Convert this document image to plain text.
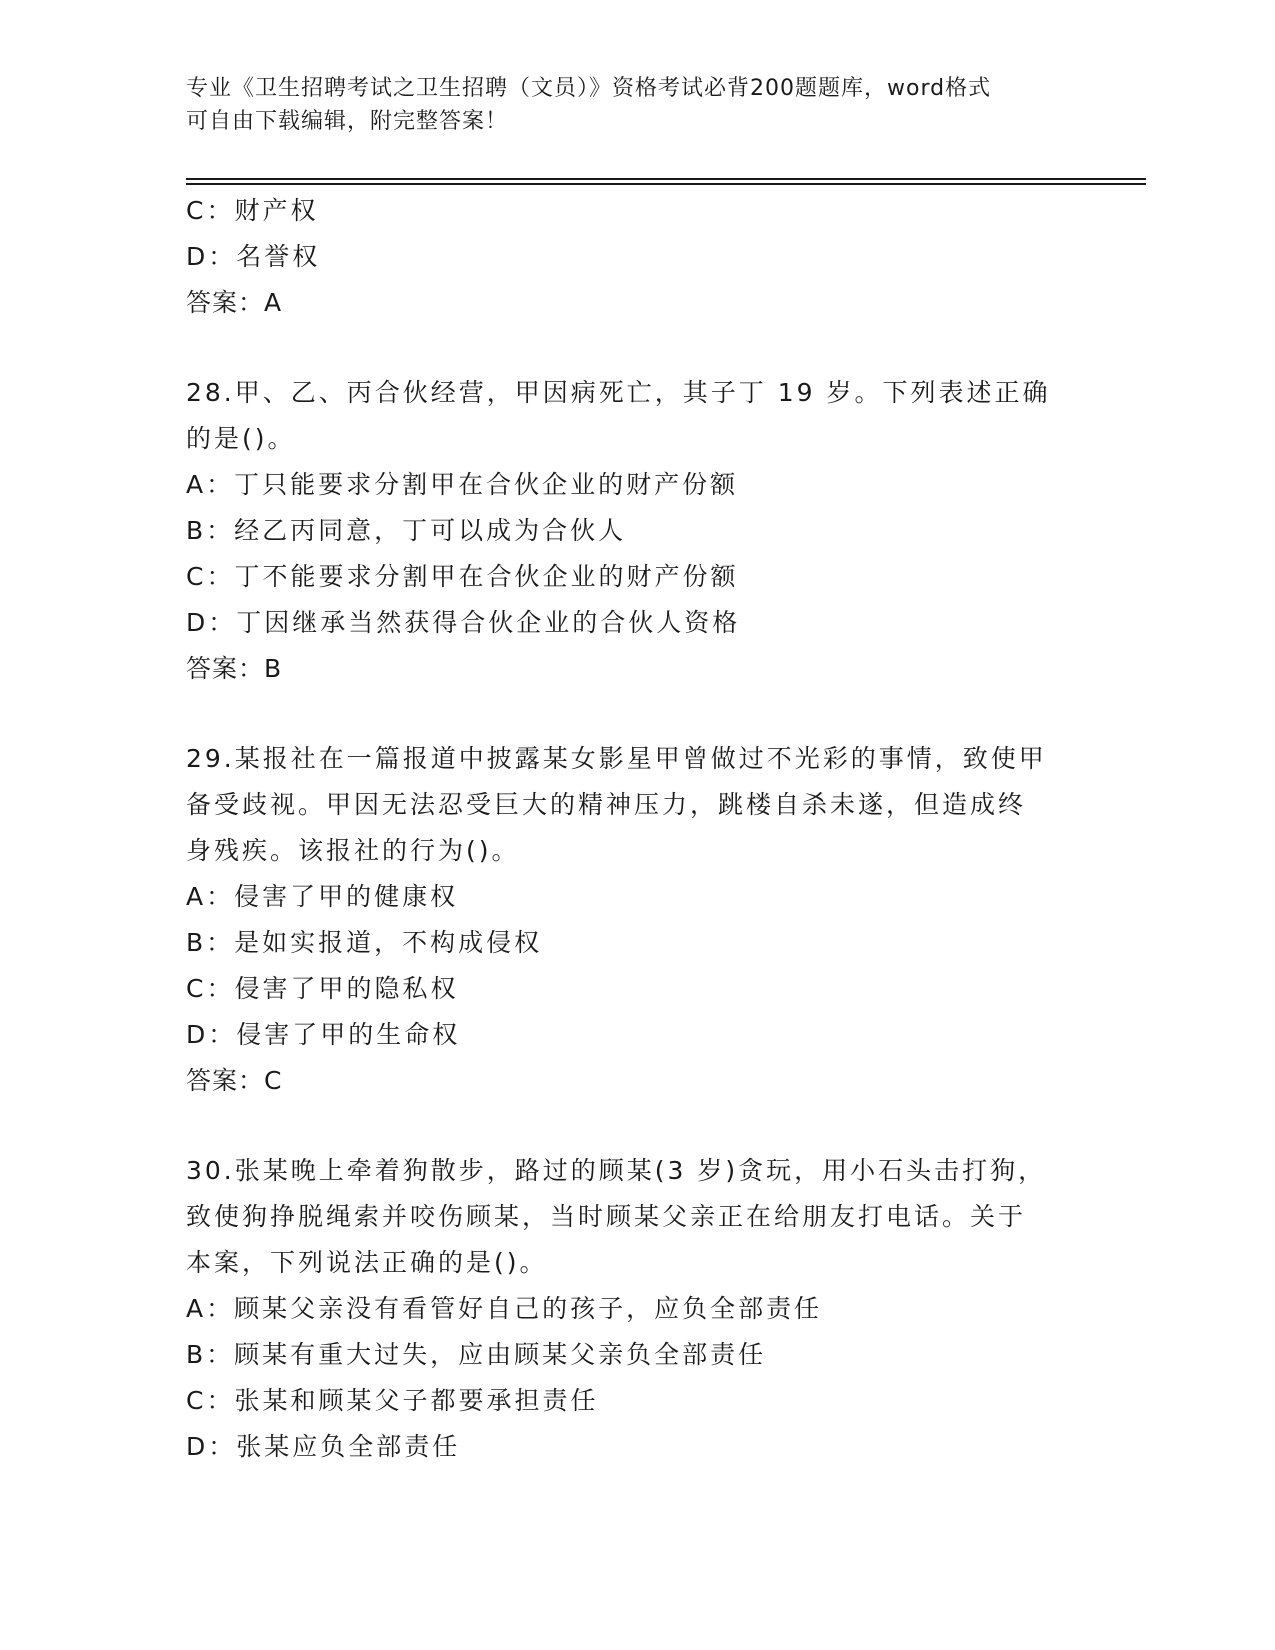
专业《卫生招聘考试之卫生招聘（文员）》资格考试必背200题题库，word格式
可自由下载编辑，附完整答案！
C：财产权
D：名誉权
答案：A
28.甲、乙、丙合伙经营，甲因病死亡，其子丁 19 岁。下列表述正确
的是()。
A：丁只能要求分割甲在合伙企业的财产份额
B：经乙丙同意，丁可以成为合伙人
C：丁不能要求分割甲在合伙企业的财产份额
D：丁因继承当然获得合伙企业的合伙人资格
答案：B
29.某报社在一篇报道中披露某女影星甲曾做过不光彩的事情，致使甲
备受歧视。甲因无法忍受巨大的精神压力，跳楼自杀未遂，但造成终
身残疾。该报社的行为()。
A：侵害了甲的健康权
B：是如实报道，不构成侵权
C：侵害了甲的隐私权
D：侵害了甲的生命权
答案：C
30.张某晚上牵着狗散步，路过的顾某(3 岁)贪玩，用小石头击打狗，
致使狗挣脱绳索并咬伤顾某，当时顾某父亲正在给朋友打电话。关于
本案，下列说法正确的是()。
A：顾某父亲没有看管好自己的孩子，应负全部责任
B：顾某有重大过失，应由顾某父亲负全部责任
C：张某和顾某父子都要承担责任
D：张某应负全部责任
